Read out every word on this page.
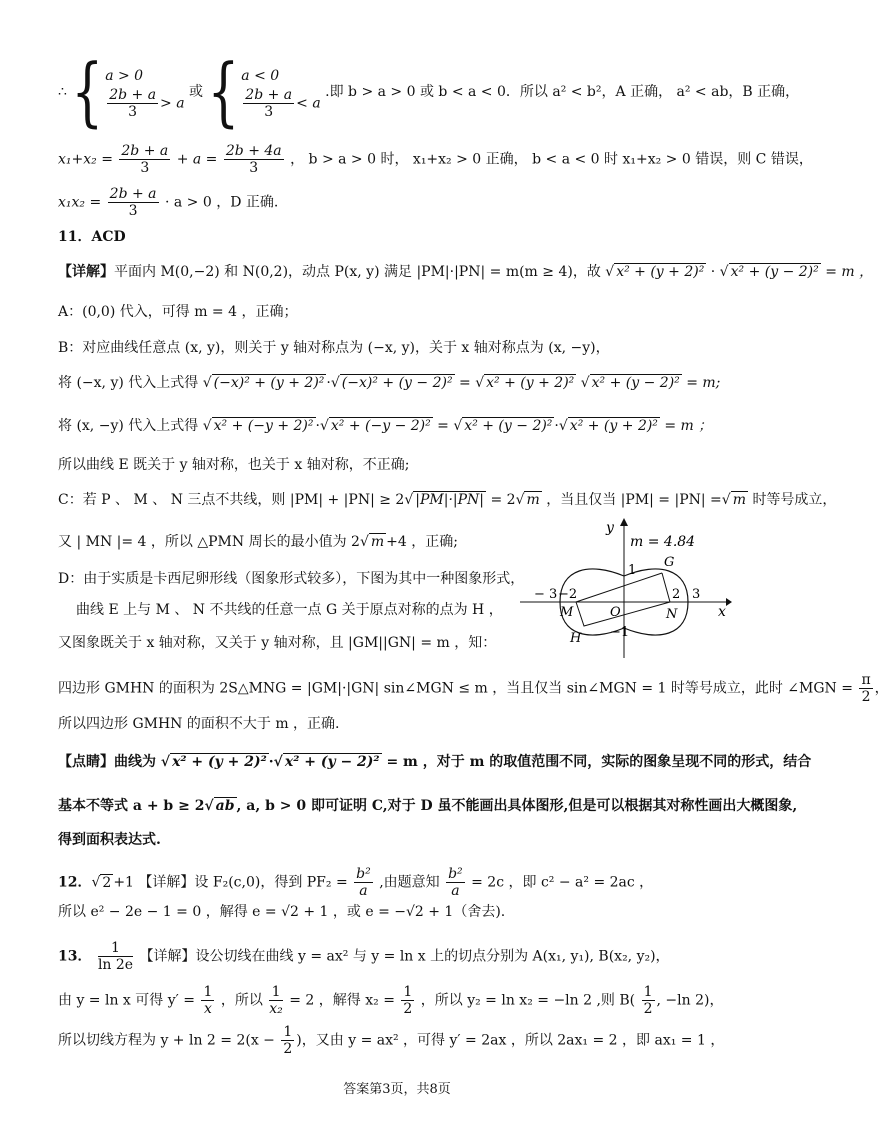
∴ { a > 0
$\frac{2b + a}{3} > a$
或 { a < 0
$\frac{2b + a}{3} < a$
.即 b > a > 0 或 b < a < 0．所以 a² < b²，A 正确， a² < ab，B 正确，
$x_1+x_2 = \frac{2b + a}{3} + a = \frac{2b + 4a}{3}$ ， b > a > 0 时， x₁+x₂ > 0 正确， b < a < 0 时 x₁+x₂ > 0 错误，则 C 错误，
$x_1x_2 = \frac{2b + a}{3} \cdot a > 0$ ，D 正确.
11．ACD
【详解】平面内 M(0,−2) 和 N(0,2)，动点 P(x, y) 满足 |PM|·|PN| = m(m ≥ 4)，故 √ x² + (y + 2)² · √ x² + (y − 2)² = m ，
A：(0,0) 代入，可得 m = 4 ，正确；
B：对应曲线任意点 (x, y)，则关于 y 轴对称点为 (−x, y)，关于 x 轴对称点为 (x, −y)，
将 (−x, y) 代入上式得 √ (−x)² + (y + 2)² ·√ (−x)² + (y − 2)² = √ x² + (y + 2)² √ x² + (y − 2)² = m;
将 (x, −y) 代入上式得 √ x² + (−y + 2)² ·√ x² + (−y − 2)² = √ x² + (y − 2)² ·√ x² + (y + 2)² = m ；
所以曲线 E 既关于 y 轴对称，也关于 x 轴对称，不正确;
C：若 P 、 M 、 N 三点不共线，则 |PM| + |PN| ≥ 2√ |PM|·|PN| = 2√ m ，当且仅当 |PM| = |PN| =√ m 时等号成立，
又 | MN |= 4 ，所以 △PMN 周长的最小值为 2√ m +4 ，正确;
D：由于实质是卡西尼卵形线（图象形式较多），下图为其中一种图象形式，
曲线 E 上与 M 、 N 不共线的任意一点 G 关于原点对称的点为 H ，
又图象既关于 x 轴对称，又关于 y 轴对称，且 |GM||GN| = m ，知：
m = 4.84
y
x
G
H
M	N
O
− 3 −2	2 3
1
−1
四边形 GMHN 的面积为 2S△MNG = |GM|·|GN| sin∠MGN ≤ m ，当且仅当 sin∠MGN = 1 时等号成立，此时 ∠MGN = $\frac{\pi}{2}$ ，
所以四边形 GMHN 的面积不大于 m ，正确.
【点睛】曲线为 √ x² + (y + 2)² ·√ x² + (y − 2)² = m ，对于 m 的取值范围不同，实际的图象呈现不同的形式，结合
基本不等式 a + b ≥ 2√ ab , a, b > 0 即可证明 C,对于 D 虽不能画出具体图形,但是可以根据其对称性画出大概图象,
得到面积表达式.
12．√ 2 +1 【详解】设 F₂(c,0)，得到 $PF_2 = \frac{\text{b²}}{a}$ ,由题意知 $\frac{\text{b²}}{a} = 2c$ ，即 c² − a² = 2ac ，
所以 e² − 2e − 1 = 0 ，解得 e = √2 + 1 ，或 e = −√2 + 1（舍去).
13． $\frac{1}{\ln 2e}$ 【详解】设公切线在曲线 y = ax² 与 y = ln x 上的切点分别为 A(x₁, y₁), B(x₂, y₂)，
由 y = ln x 可得 $y' = \frac{1}{x}$ ，所以 $\frac{1}{\text{x₂}} = 2$ ，解得 $x_2 = \frac{1}{2}$ ，所以 y₂ = ln x₂ = −ln 2 ,则 $B( \frac{1}{2}$ , −ln 2)，
所以切线方程为 $y + \ln 2 = 2(x - \frac{1}{2}$ )，又由 y = ax² ，可得 y′ = 2ax ，所以 2ax₁ = 2 ，即 ax₁ = 1 ，
答案第3页，共8页
